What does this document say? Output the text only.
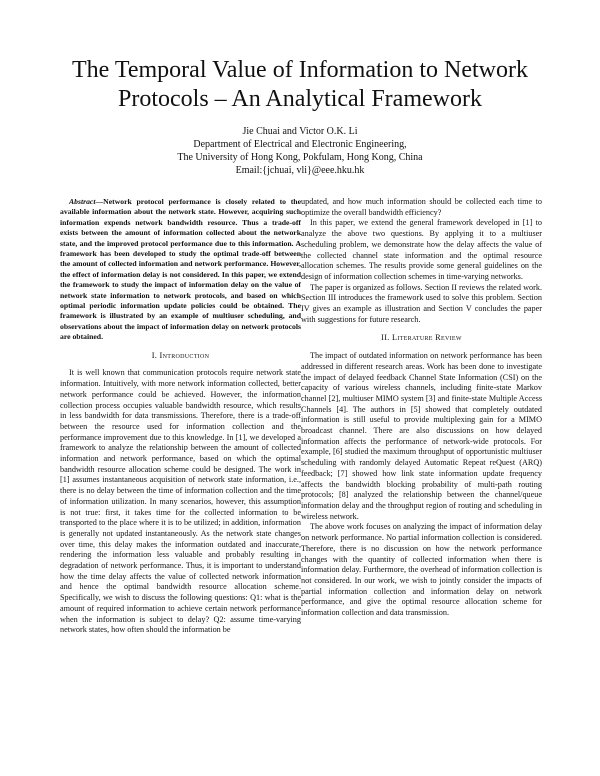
The Temporal Value of Information to Network
Protocols – An Analytical Framework
Jie Chuai and Victor O.K. Li
Department of Electrical and Electronic Engineering,
The University of Hong Kong, Pokfulam, Hong Kong, China
Email:{jchuai, vli}@eee.hku.hk

Abstract—Network protocol performance is closely related to the available information about the network state. However, acquiring such information expends network bandwidth resource. Thus a trade-off exists between the amount of information collected about the network state, and the improved protocol performance due to this information. A framework has been developed to study the optimal trade-off between the amount of collected information and network performance. However, the effect of information delay is not considered. In this paper, we extend the framework to study the impact of information delay on the value of network state information to network protocols, and based on which optimal periodic information update policies could be obtained. The framework is illustrated by an example of multiuser scheduling, and observations about the impact of information delay on network protocols are obtained.

I. Introduction

It is well known that communication protocols require network state information. Intuitively, with more network information collected, better network performance could be achieved. However, the information collection process occupies valuable bandwidth resource, which results in less bandwidth for data transmissions. Therefore, there is a trade-off between the resource used for information collection and the performance improvement due to this knowledge. In [1], we developed a framework to analyze the relationship between the amount of collected information and network performance, based on which the optimal bandwidth resource allocation scheme could be designed. The work in [1] assumes instantaneous acquisition of network state information, i.e., there is no delay between the time of information collection and the time of information utilization. In many scenarios, however, this assumption is not true: first, it takes time for the collected information to be transported to the place where it is to be utilized; in addition, information is generally not updated instantaneously. As the network state changes over time, this delay makes the information outdated and inaccurate, rendering the information less valuable and probably resulting in degradation of network performance. Thus, it is important to understand how the time delay affects the value of collected network information and hence the optimal bandwidth resource allocation scheme. Specifically, we wish to discuss the following questions: Q1: what is the amount of required information to achieve certain network performance when the information is subject to delay? Q2: assume time-varying network states, how often should the information be

updated, and how much information should be collected each time to optimize the overall bandwidth efficiency?

In this paper, we extend the general framework developed in [1] to analyze the above two questions. By applying it to a multiuser scheduling problem, we demonstrate how the delay affects the value of the collected channel state information and the optimal resource allocation schemes. The results provide some general guidelines on the design of information collection schemes in time-varying networks.

The paper is organized as follows. Section II reviews the related work. Section III introduces the framework used to solve this problem. Section IV gives an example as illustration and Section V concludes the paper with suggestions for future research.

II. Literature Review

The impact of outdated information on network performance has been addressed in different research areas. Work has been done to investigate the impact of delayed feedback Channel State Information (CSI) on the capacity of various wireless channels, including finite-state Markov channel [2], multiuser MIMO system [3] and finite-state Multiple Access Channels [4]. The authors in [5] showed that completely outdated information is still useful to provide multiplexing gain for a MIMO broadcast channel. There are also discussions on how delayed information affects the performance of network-wide protocols. For example, [6] studied the maximum throughput of opportunistic multiuser scheduling with randomly delayed Automatic Repeat reQuest (ARQ) feedback; [7] showed how link state information update frequency affects the bandwidth blocking probability of multi-path routing protocols; [8] analyzed the relationship between the channel/queue information delay and the throughput region of routing and scheduling in wireless network.

The above work focuses on analyzing the impact of information delay on network performance. No partial information collection is considered. Therefore, there is no discussion on how the network performance changes with the quantity of collected information when there is information delay. Furthermore, the overhead of information collection is not considered. In our work, we wish to jointly consider the impacts of partial information collection and information delay on network performance, and give the optimal resource allocation scheme for information collection and data transmission.
